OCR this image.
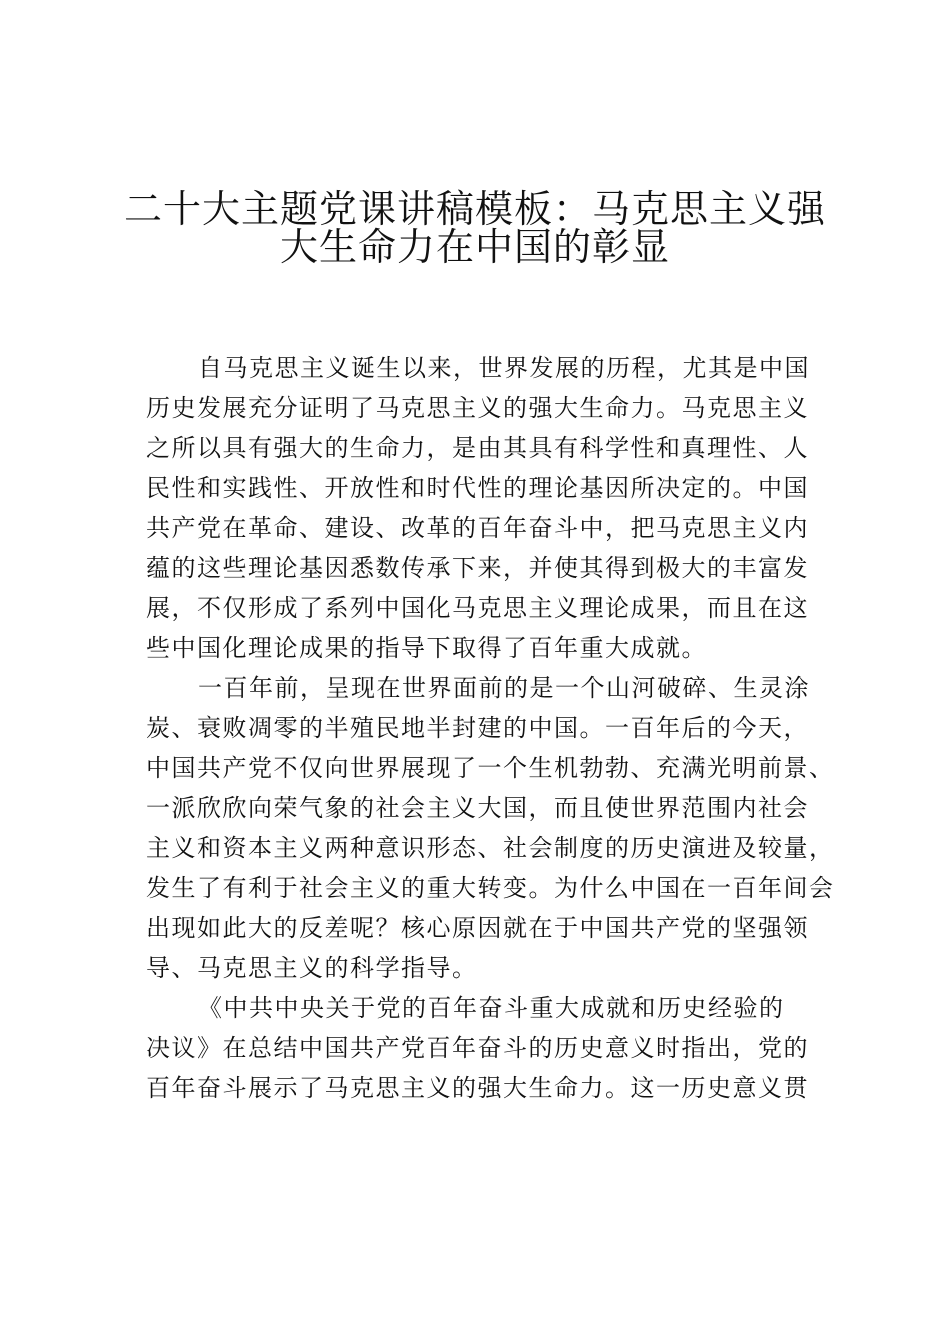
二十大主题党课讲稿模板：马克思主义强
大生命力在中国的彰显
自马克思主义诞生以来，世界发展的历程，尤其是中国
历史发展充分证明了马克思主义的强大生命力。马克思主义
之所以具有强大的生命力，是由其具有科学性和真理性、人
民性和实践性、开放性和时代性的理论基因所决定的。中国
共产党在革命、建设、改革的百年奋斗中，把马克思主义内
蕴的这些理论基因悉数传承下来，并使其得到极大的丰富发
展，不仅形成了系列中国化马克思主义理论成果，而且在这
些中国化理论成果的指导下取得了百年重大成就。
一百年前，呈现在世界面前的是一个山河破碎、生灵涂
炭、衰败凋零的半殖民地半封建的中国。一百年后的今天，
中国共产党不仅向世界展现了一个生机勃勃、充满光明前景、
一派欣欣向荣气象的社会主义大国，而且使世界范围内社会
主义和资本主义两种意识形态、社会制度的历史演进及较量，
发生了有利于社会主义的重大转变。为什么中国在一百年间会
出现如此大的反差呢？核心原因就在于中国共产党的坚强领
导、马克思主义的科学指导。
《中共中央关于党的百年奋斗重大成就和历史经验的
决议》在总结中国共产党百年奋斗的历史意义时指出，党的
百年奋斗展示了马克思主义的强大生命力。这一历史意义贯
